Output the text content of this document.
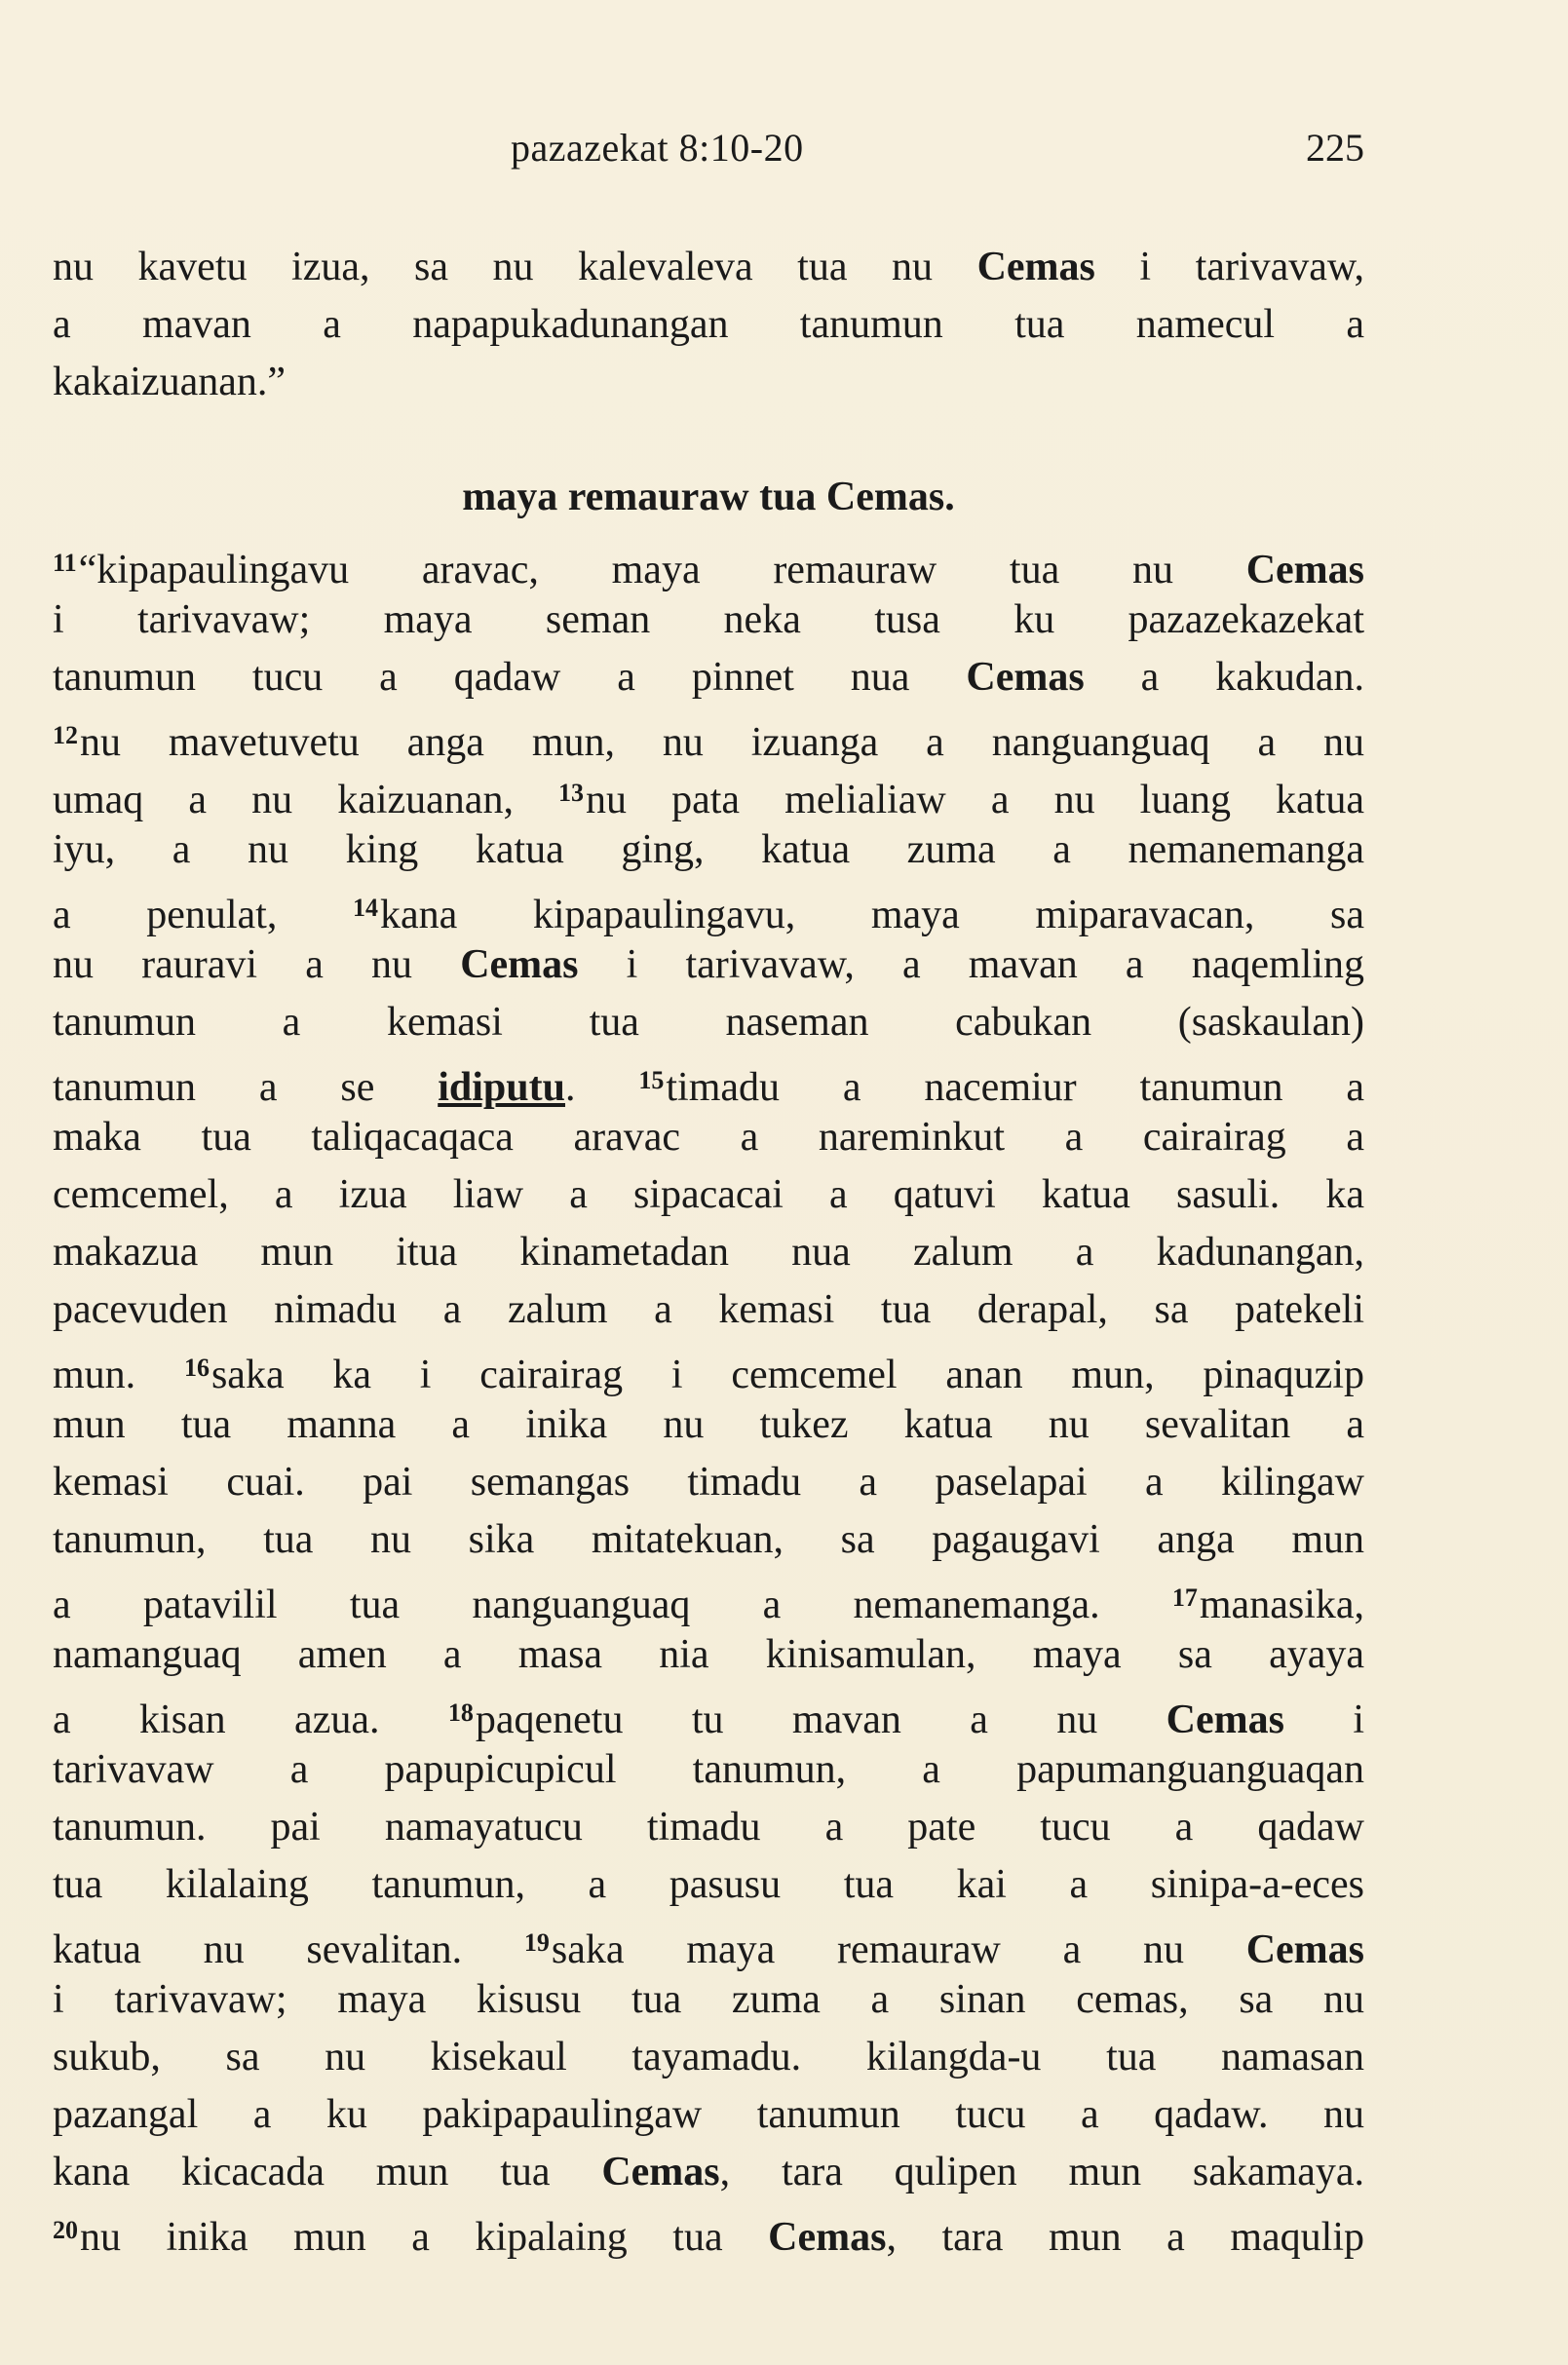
pazazekat 8:10-20	225
nu kavetu izua, sa nu kalevaleva tua nu Cemas i tarivavaw,
a mavan a napapukadunangan tanumun tua namecul a
kakaizuanan.”
maya remauraw tua Cemas.
$^{11}$“kipapaulingavu aravac, maya remauraw tua nu Cemas
i tarivavaw; maya seman neka tusa ku pazazekazekat
tanumun tucu a qadaw a pinnet nua Cemas a kakudan.
$^{12}$nu mavetuvetu anga mun, nu izuanga a nanguanguaq a nu
umaq a nu kaizuanan, $^{13}$nu pata melialiaw a nu luang katua
iyu, a nu king katua ging, katua zuma a nemanemanga
a penulat, $^{14}$kana kipapaulingavu, maya miparavacan, sa
nu rauravi a nu Cemas i tarivavaw, a mavan a naqemling
tanumun a kemasi tua naseman cabukan (saskaulan)
tanumun a se idiputu. $^{15}$timadu a nacemiur tanumun a
maka tua taliqacaqaca aravac a nareminkut a cairairag a
cemcemel, a izua liaw a sipacacai a qatuvi katua sasuli. ka
makazua mun itua kinametadan nua zalum a kadunangan,
pacevuden nimadu a zalum a kemasi tua derapal, sa patekeli
mun. $^{16}$saka ka i cairairag i cemcemel anan mun, pinaquzip
mun tua manna a inika nu tukez katua nu sevalitan a
kemasi cuai. pai semangas timadu a paselapai a kilingaw
tanumun, tua nu sika mitatekuan, sa pagaugavi anga mun
a patavilil tua nanguanguaq a nemanemanga. $^{17}$manasika,
namanguaq amen a masa nia kinisamulan, maya sa ayaya
a kisan azua. $^{18}$paqenetu tu mavan a nu Cemas i
tarivavaw a papupicupicul tanumun, a papumanguanguaqan
tanumun. pai namayatucu timadu a pate tucu a qadaw
tua kilalaing tanumun, a pasusu tua kai a sinipa-a-eces
katua nu sevalitan. $^{19}$saka maya remauraw a nu Cemas
i tarivavaw; maya kisusu tua zuma a sinan cemas, sa nu
sukub, sa nu kisekaul tayamadu. kilangda-u tua namasan
pazangal a ku pakipapaulingaw tanumun tucu a qadaw. nu
kana kicacada mun tua Cemas, tara qulipen mun sakamaya.
$^{20}$nu inika mun a kipalaing tua Cemas, tara mun a maqulip
